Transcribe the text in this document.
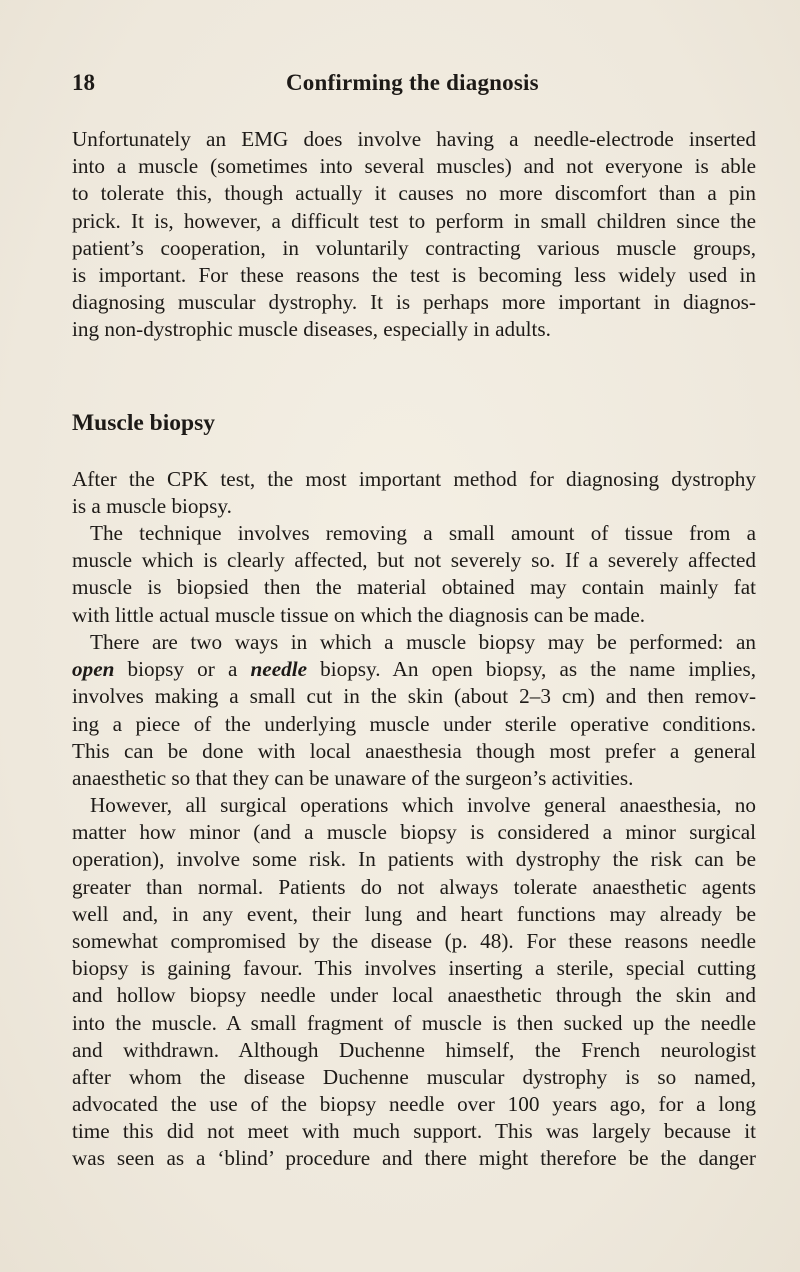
18	Confirming the diagnosis
Unfortunately an EMG does involve having a needle-electrode inserted
into a muscle (sometimes into several muscles) and not everyone is able
to tolerate this, though actually it causes no more discomfort than a pin
prick. It is, however, a difficult test to perform in small children since the
patient’s cooperation, in voluntarily contracting various muscle groups,
is important. For these reasons the test is becoming less widely used in
diagnosing muscular dystrophy. It is perhaps more important in diagnos-
ing non-dystrophic muscle diseases, especially in adults.
Muscle biopsy
After the CPK test, the most important method for diagnosing dystrophy
is a muscle biopsy.
The technique involves removing a small amount of tissue from a
muscle which is clearly affected, but not severely so. If a severely affected
muscle is biopsied then the material obtained may contain mainly fat
with little actual muscle tissue on which the diagnosis can be made.
There are two ways in which a muscle biopsy may be performed: an
open biopsy or a needle biopsy. An open biopsy, as the name implies,
involves making a small cut in the skin (about 2–3 cm) and then remov-
ing a piece of the underlying muscle under sterile operative conditions.
This can be done with local anaesthesia though most prefer a general
anaesthetic so that they can be unaware of the surgeon’s activities.
However, all surgical operations which involve general anaesthesia, no
matter how minor (and a muscle biopsy is considered a minor surgical
operation), involve some risk. In patients with dystrophy the risk can be
greater than normal. Patients do not always tolerate anaesthetic agents
well and, in any event, their lung and heart functions may already be
somewhat compromised by the disease (p. 48). For these reasons needle
biopsy is gaining favour. This involves inserting a sterile, special cutting
and hollow biopsy needle under local anaesthetic through the skin and
into the muscle. A small fragment of muscle is then sucked up the needle
and withdrawn. Although Duchenne himself, the French neurologist
after whom the disease Duchenne muscular dystrophy is so named,
advocated the use of the biopsy needle over 100 years ago, for a long
time this did not meet with much support. This was largely because it
was seen as a ‘blind’ procedure and there might therefore be the danger
